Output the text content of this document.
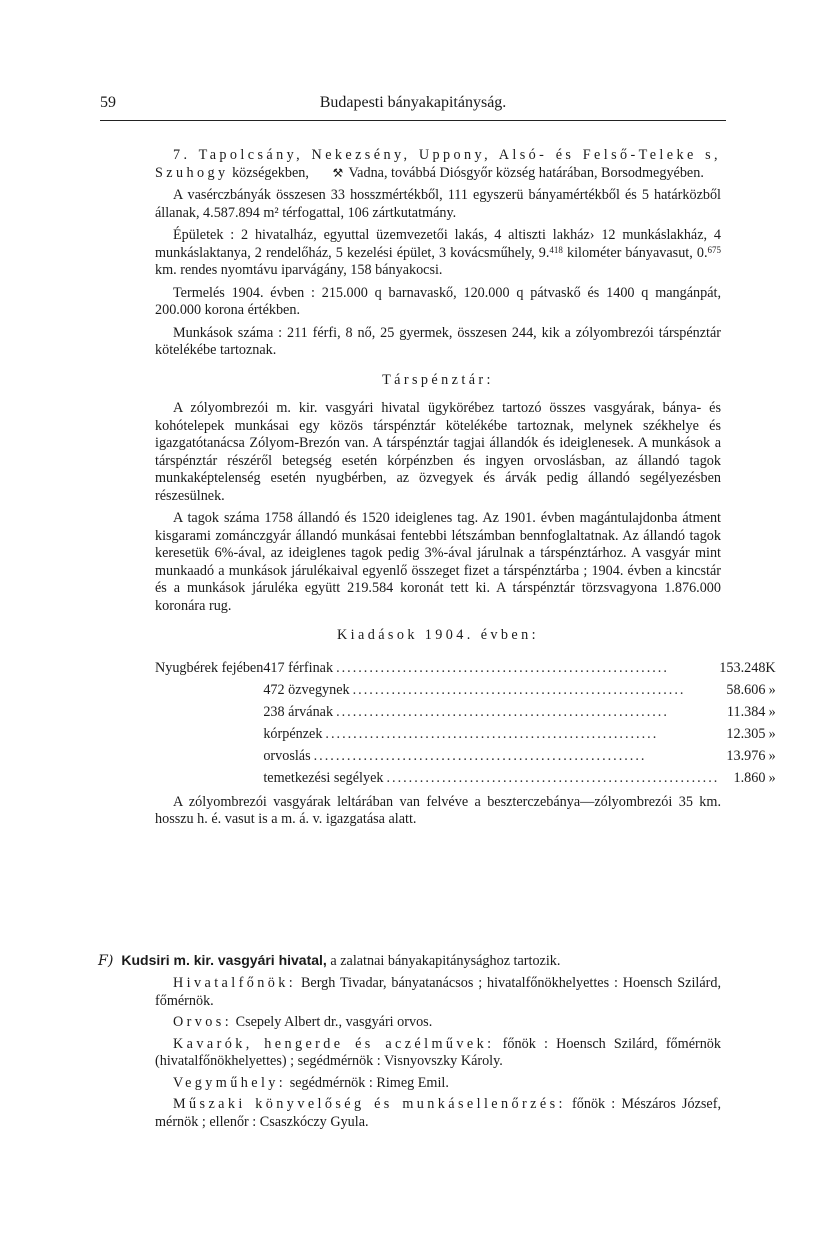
59	Budapesti bányakapitányság.

7. Tapolcsány, Nekezsény, Uppony, Alsó- és Felső-Teleke s, Szuhogy községekben, ⚒ Vadna, továbbá Diósgyőr község határában, Borsodmegyében.

A vasérczbányák összesen 33 hosszmértékből, 111 egyszerü bányamértékből és 5 határközből állanak, 4.587.894 m² térfogattal, 106 zártkutatmány.

Épületek : 2 hivatalház, egyuttal üzemvezetői lakás, 4 altiszti lakház› 12 munkáslakház, 4 munkáslaktanya, 2 rendelőház, 5 kezelési épület, 3 kovácsműhely, 9.$^{418}$ kilométer bányavasut, 0.$^{675}$ km. rendes nyomtávu iparvágány, 158 bányakocsi.

Termelés 1904. évben : 215.000 q barnavaskő, 120.000 q pátvaskő és 1400 q mangánpát, 200.000 korona értékben.

Munkások száma : 211 férfi, 8 nő, 25 gyermek, összesen 244, kik a zólyombrezói társpénztár kötelékébe tartoznak.

Társpénztár:

A zólyombrezói m. kir. vasgyári hivatal ügykörébez tartozó összes vasgyárak, bánya- és kohótelepek munkásai egy közös társpénztár kötelékébe tartoznak, melynek székhelye és igazgatótanácsa Zólyom-Brezón van. A társpénztár tagjai állandók és ideiglenesek. A munkások a társpénztár részéről betegség esetén kórpénzben és ingyen orvoslásban, az állandó tagok munkaképtelenség esetén nyugbérben, az özvegyek és árvák pedig állandó segélyezésben részesülnek.

A tagok száma 1758 állandó és 1520 ideiglenes tag. Az 1901. évben magántulajdonba átment kisgarami zománczgyár állandó munkásai fentebbi létszámban bennfoglaltatnak. Az állandó tagok keresetük 6%-ával, az ideiglenes tagok pedig 3%-ával járulnak a társpénztárhoz. A vasgyár mint munkaadó a munkások járulékaival egyenlő összeget fizet a társpénztárba ; 1904. évben a kincstár és a munkások járuléka együtt 219.584 koronát tett ki. A társpénztár törzsvagyona 1.876.000 koronára rug.

Kiadások 1904. évben:

Nyugbérek fejében	417 férfinak ............................................................	153.248	K
	472 özvegynek ............................................................	58.606	»
	238 árvának ............................................................	11.384	»
	kórpénzek ............................................................	12.305	»
	orvoslás ............................................................	13.976	»
	temetkezési segélyek ............................................................	1.860	»

A zólyombrezói vasgyárak leltárában van felvéve a beszterczebánya—zólyombrezói 35 km. hosszu h. é. vasut is a m. á. v. igazgatása alatt.

F) Kudsiri m. kir. vasgyári hivatal, a zalatnai bányakapitánysághoz tartozik.

Hivatalfőnök: Bergh Tivadar, bányatanácsos ; hivatalfőnökhelyettes : Hoensch Szilárd, főmérnök.

Orvos: Csepely Albert dr., vasgyári orvos.

Kavarók, hengerde és aczélművek: főnök : Hoensch Szilárd, főmérnök (hivatalfőnökhelyettes) ; segédmérnök : Visnyovszky Károly.

Vegyműhely: segédmérnök : Rimeg Emil.

Műszaki könyvelőség és munkásellenőrzés: főnök : Mészáros József, mérnök ; ellenőr : Csaszkóczy Gyula.
